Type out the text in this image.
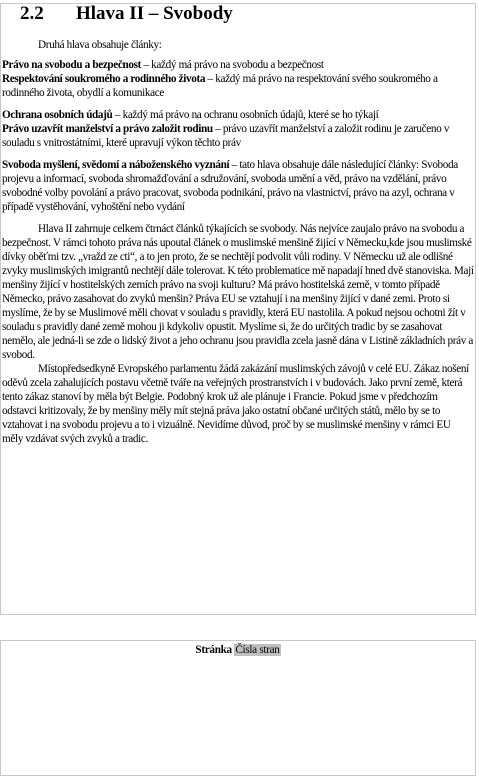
2.2 Hlava II – Svobody

Druhá hlava obsahuje články:

Právo na svobodu a bezpečnost – každý má právo na svobodu a bezpečnost

Respektování soukromého a rodinného života – každý má právo na respektování svého soukromého a rodinného života, obydlí a komunikace

Ochrana osobních údajů – každý má právo na ochranu osobních údajů, které se ho týkají

Právo uzavřít manželství a právo založit rodinu – právo uzavřít manželství a založit rodinu je zaručeno v souladu s vnitrostátními, které upravují výkon těchto práv

Svoboda myšlení, svědomí a náboženského vyznání – tato hlava obsahuje dále následující články: Svoboda projevu a informací, svoboda shromažďování a sdružování, svoboda umění a věd, právo na vzdělání, právo svobodné volby povolání a právo pracovat, svoboda podnikání, právo na vlastnictví, právo na azyl, ochrana v případě vystěhování, vyhoštění nebo vydání

Hlava II zahrnuje celkem čtrnáct článků týkajících se svobody. Nás nejvíce zaujalo právo na svobodu a bezpečnost. V rámci tohoto práva nás upoutal článek o muslimské menšině žijící v Německu,kde jsou muslimské dívky oběťmi tzv. „vražd ze cti“, a to jen proto, že se nechtějí podvolit vůli rodiny. V Německu už ale odlišné zvyky muslimských imigrantů nechtějí dále tolerovat. K této problematice mě napadají hned dvě stanoviska. Mají menšiny žijící v hostitelských zemích právo na svoji kulturu? Má právo hostitelská země, v tomto případě Německo, právo zasahovat do zvyků menšin? Práva EU se vztahují i na menšiny žijící v dané zemi. Proto si myslíme, že by se Muslimové měli chovat v souladu s pravidly, která EU nastolila. A pokud nejsou ochotni žít v souladu s pravidly dané země mohou ji kdykoliv opustit. Myslíme si, že do určitých tradic by se zasahovat nemělo, ale jedná-li se zde o lidský život a jeho ochranu jsou pravidla zcela jasně dána v Listině základních práv a svobod.

Místopředsedkyně Evropského parlamentu žádá zakázání muslimských závojů v celé EU. Zákaz nošení oděvů zcela zahalujících postavu včetně tváře na veřejných prostranstvích i v budovách. Jako první země, která tento zákaz stanoví by měla být Belgie. Podobný krok už ale plánuje i Francie. Pokud jsme v předchozím odstavci kritizovaly, že by menšiny měly mít stejná práva jako ostatní občané určitých států, mělo by se to vztahovat i na svobodu projevu a to i vizuálně. Nevidíme důvod, proč by se muslimské menšiny v rámci EU měly vzdávat svých zvyků a tradic.

Stránka Čísla stran
